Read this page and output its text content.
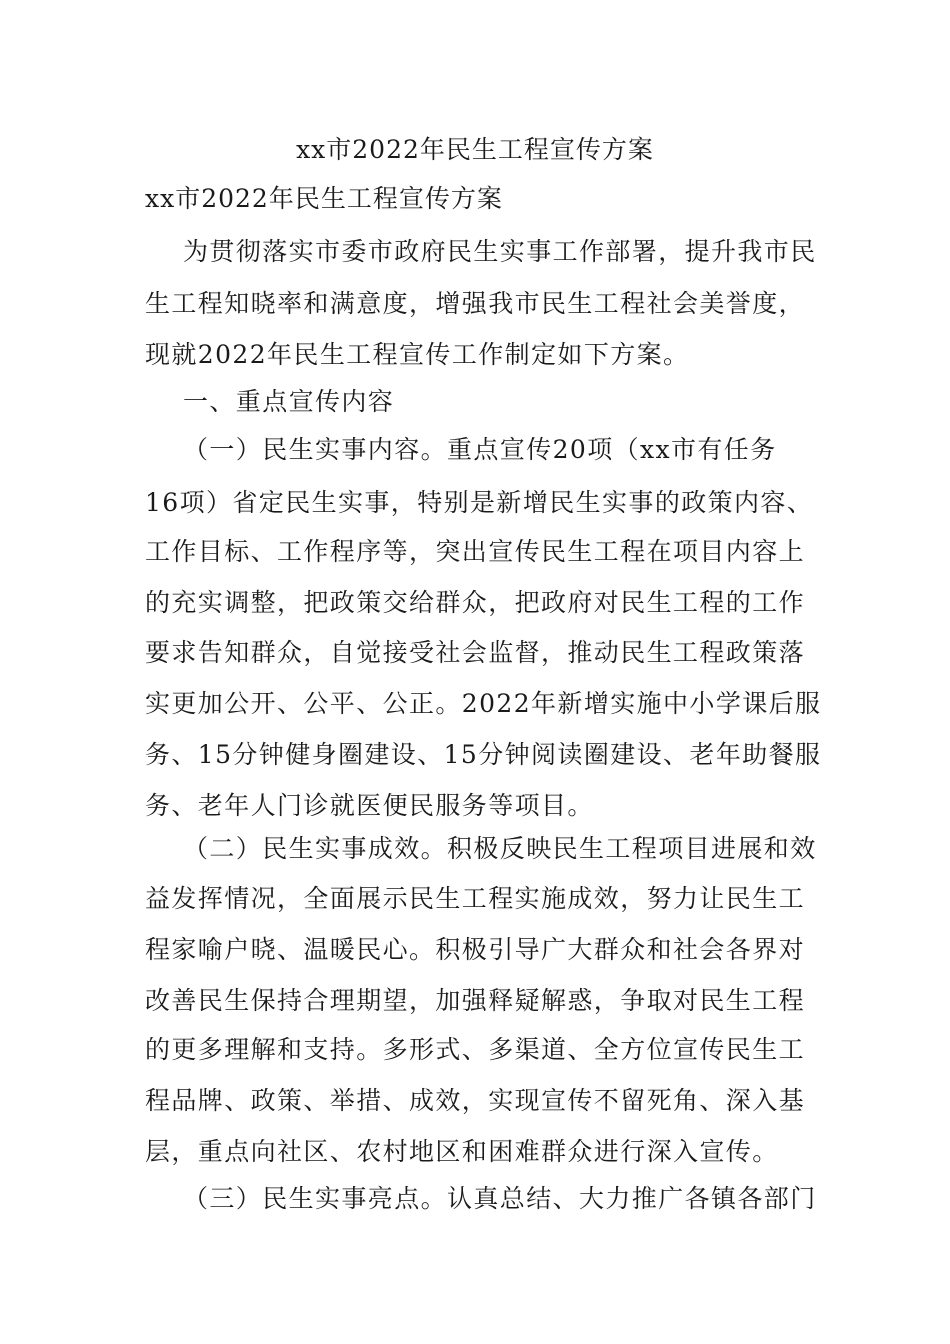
xx市2022年民生工程宣传方案
xx市2022年民生工程宣传方案
为贯彻落实市委市政府民生实事工作部署，提升我市民
生工程知晓率和满意度，增强我市民生工程社会美誉度，
现就2022年民生工程宣传工作制定如下方案。
一、重点宣传内容
（一）民生实事内容。重点宣传20项（xx市有任务
16项）省定民生实事，特别是新增民生实事的政策内容、
工作目标、工作程序等，突出宣传民生工程在项目内容上
的充实调整，把政策交给群众，把政府对民生工程的工作
要求告知群众，自觉接受社会监督，推动民生工程政策落
实更加公开、公平、公正。2022年新增实施中小学课后服
务、15分钟健身圈建设、15分钟阅读圈建设、老年助餐服
务、老年人门诊就医便民服务等项目。
（二）民生实事成效。积极反映民生工程项目进展和效
益发挥情况，全面展示民生工程实施成效，努力让民生工
程家喻户晓、温暖民心。积极引导广大群众和社会各界对
改善民生保持合理期望，加强释疑解惑，争取对民生工程
的更多理解和支持。多形式、多渠道、全方位宣传民生工
程品牌、政策、举措、成效，实现宣传不留死角、深入基
层，重点向社区、农村地区和困难群众进行深入宣传。
（三）民生实事亮点。认真总结、大力推广各镇各部门
